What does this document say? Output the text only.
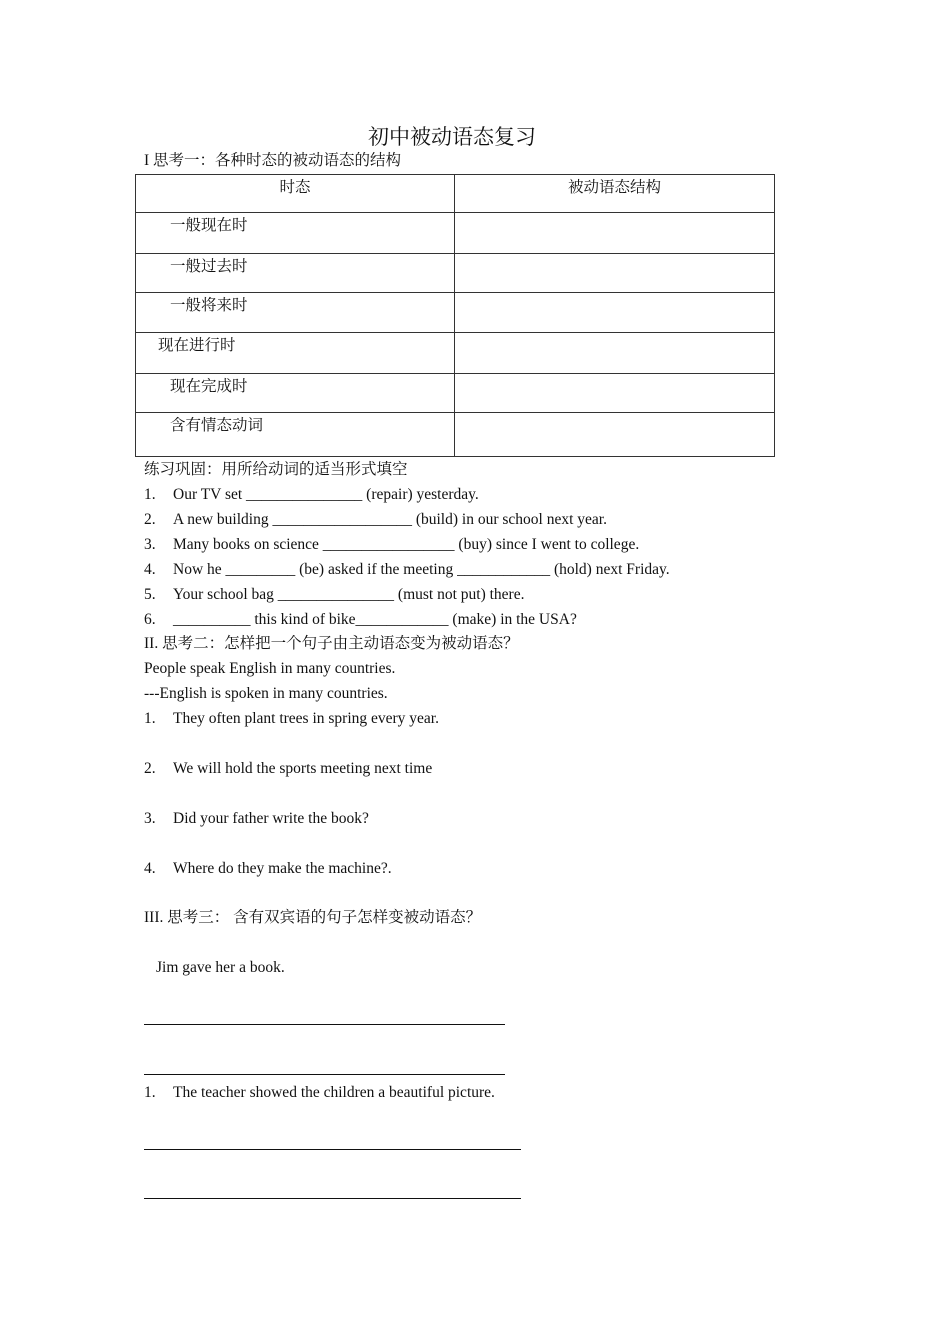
初中被动语态复习
I 思考一：各种时态的被动语态的结构
时态	被动语态结构
一般现在时	
一般过去时	
一般将来时	
现在进行时	
现在完成时	
含有情态动词	
练习巩固：用所给动词的适当形式填空
1. Our TV set _______________ (repair) yesterday.
2. A new building __________________ (build) in our school next year.
3. Many books on science _________________ (buy) since I went to college.
4. Now he _________ (be) asked if the meeting ____________ (hold) next Friday.
5. Your school bag _______________ (must not put) there.
6. __________ this kind of bike____________ (make) in the USA?
II. 思考二：怎样把一个句子由主动语态变为被动语态？
People speak English in many countries.
---English is spoken in many countries.
1. They often plant trees in spring every year.
2. We will hold the sports meeting next time
3. Did your father write the book?
4. Where do they make the machine?.
III. 思考三： 含有双宾语的句子怎样变被动语态？
Jim gave her a book.
1. The teacher showed the children a beautiful picture.
